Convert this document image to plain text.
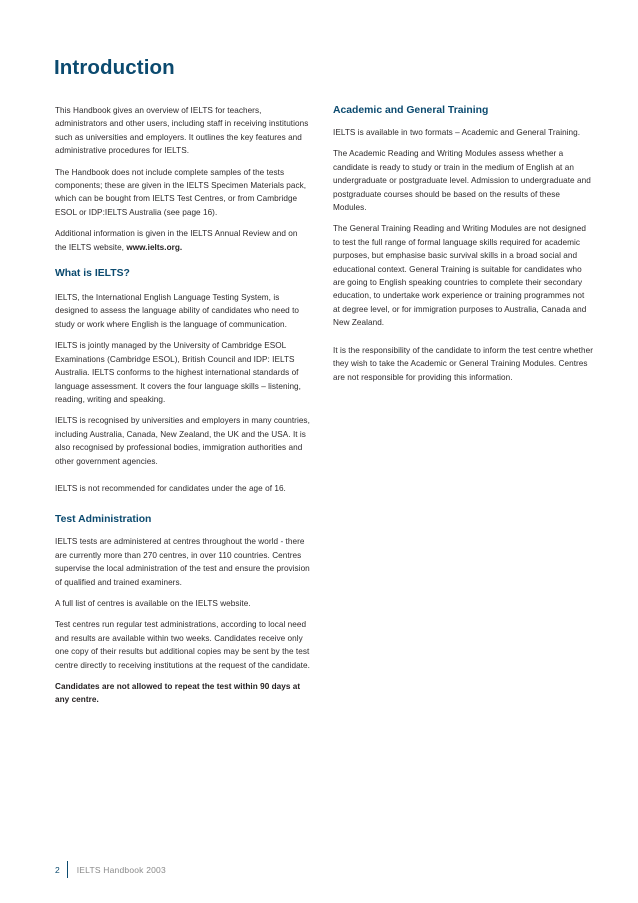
Introduction

This Handbook gives an overview of IELTS for teachers, administrators and other users, including staff in receiving institutions such as universities and employers. It outlines the key features and administrative procedures for IELTS.

The Handbook does not include complete samples of the tests components; these are given in the IELTS Specimen Materials pack, which can be bought from IELTS Test Centres, or from Cambridge ESOL or IDP:IELTS Australia (see page 16).

Additional information is given in the IELTS Annual Review and on the IELTS website, www.ielts.org.

What is IELTS?

IELTS, the International English Language Testing System, is designed to assess the language ability of candidates who need to study or work where English is the language of communication.

IELTS is jointly managed by the University of Cambridge ESOL Examinations (Cambridge ESOL), British Council and IDP: IELTS Australia. IELTS conforms to the highest international standards of language assessment. It covers the four language skills – listening, reading, writing and speaking.

IELTS is recognised by universities and employers in many countries, including Australia, Canada, New Zealand, the UK and the USA. It is also recognised by professional bodies, immigration authorities and other government agencies.

IELTS is not recommended for candidates under the age of 16.

Test Administration

IELTS tests are administered at centres throughout the world - there are currently more than 270 centres, in over 110 countries. Centres supervise the local administration of the test and ensure the provision of qualified and trained examiners.

A full list of centres is available on the IELTS website.

Test centres run regular test administrations, according to local need and results are available within two weeks. Candidates receive only one copy of their results but additional copies may be sent by the test centre directly to receiving institutions at the request of the candidate.

Candidates are not allowed to repeat the test within 90 days at any centre.

Academic and General Training

IELTS is available in two formats – Academic and General Training.

The Academic Reading and Writing Modules assess whether a candidate is ready to study or train in the medium of English at an undergraduate or postgraduate level. Admission to undergraduate and postgraduate courses should be based on the results of these Modules.

The General Training Reading and Writing Modules are not designed to test the full range of formal language skills required for academic purposes, but emphasise basic survival skills in a broad social and educational context. General Training is suitable for candidates who are going to English speaking countries to complete their secondary education, to undertake work experience or training programmes not at degree level, or for immigration purposes to Australia, Canada and New Zealand.

It is the responsibility of the candidate to inform the test centre whether they wish to take the Academic or General Training Modules. Centres are not responsible for providing this information.

2 IELTS Handbook 2003
